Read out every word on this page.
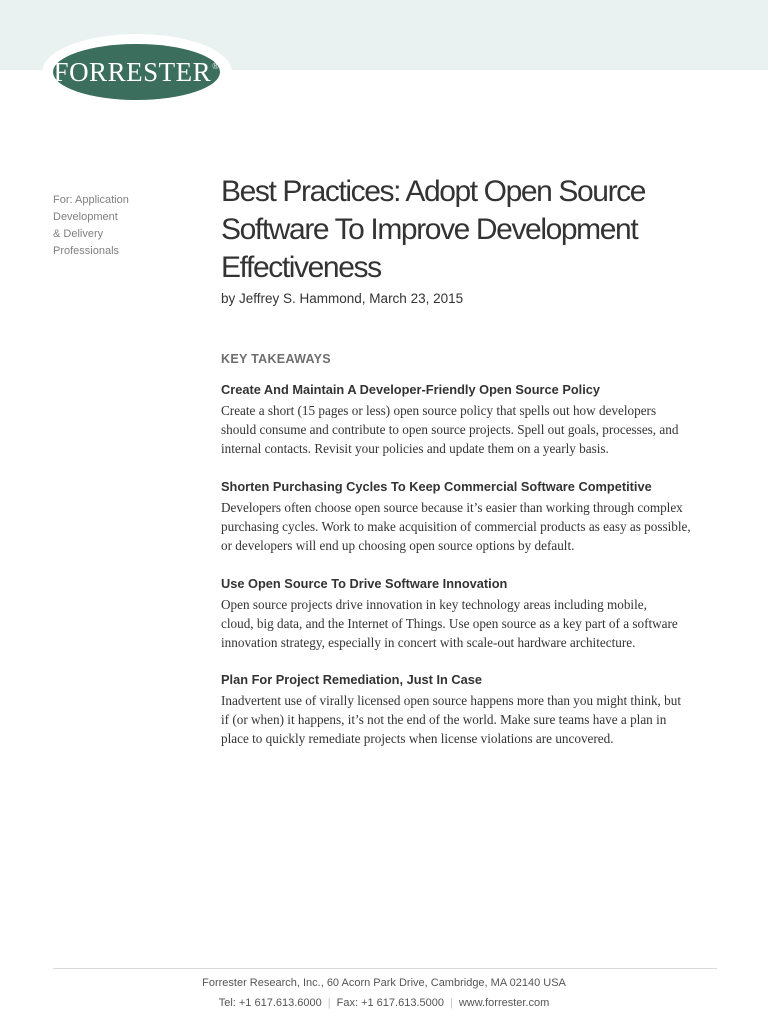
FORRESTER®
For: Application
Development
& Delivery
Professionals
Best Practices: Adopt Open Source
Software To Improve Development
Effectiveness
by Jeffrey S. Hammond, March 23, 2015
KEY TAKEAWAYS
Create And Maintain A Developer-Friendly Open Source Policy
Create a short (15 pages or less) open source policy that spells out how developers
should consume and contribute to open source projects. Spell out goals, processes, and
internal contacts. Revisit your policies and update them on a yearly basis.
Shorten Purchasing Cycles To Keep Commercial Software Competitive
Developers often choose open source because it’s easier than working through complex
purchasing cycles. Work to make acquisition of commercial products as easy as possible,
or developers will end up choosing open source options by default.
Use Open Source To Drive Software Innovation
Open source projects drive innovation in key technology areas including mobile,
cloud, big data, and the Internet of Things. Use open source as a key part of a software
innovation strategy, especially in concert with scale-out hardware architecture.
Plan For Project Remediation, Just In Case
Inadvertent use of virally licensed open source happens more than you might think, but
if (or when) it happens, it’s not the end of the world. Make sure teams have a plan in
place to quickly remediate projects when license violations are uncovered.
Forrester Research, Inc., 60 Acorn Park Drive, Cambridge, MA 02140 USA
Tel: +1 617.613.6000 | Fax: +1 617.613.5000 | www.forrester.com
